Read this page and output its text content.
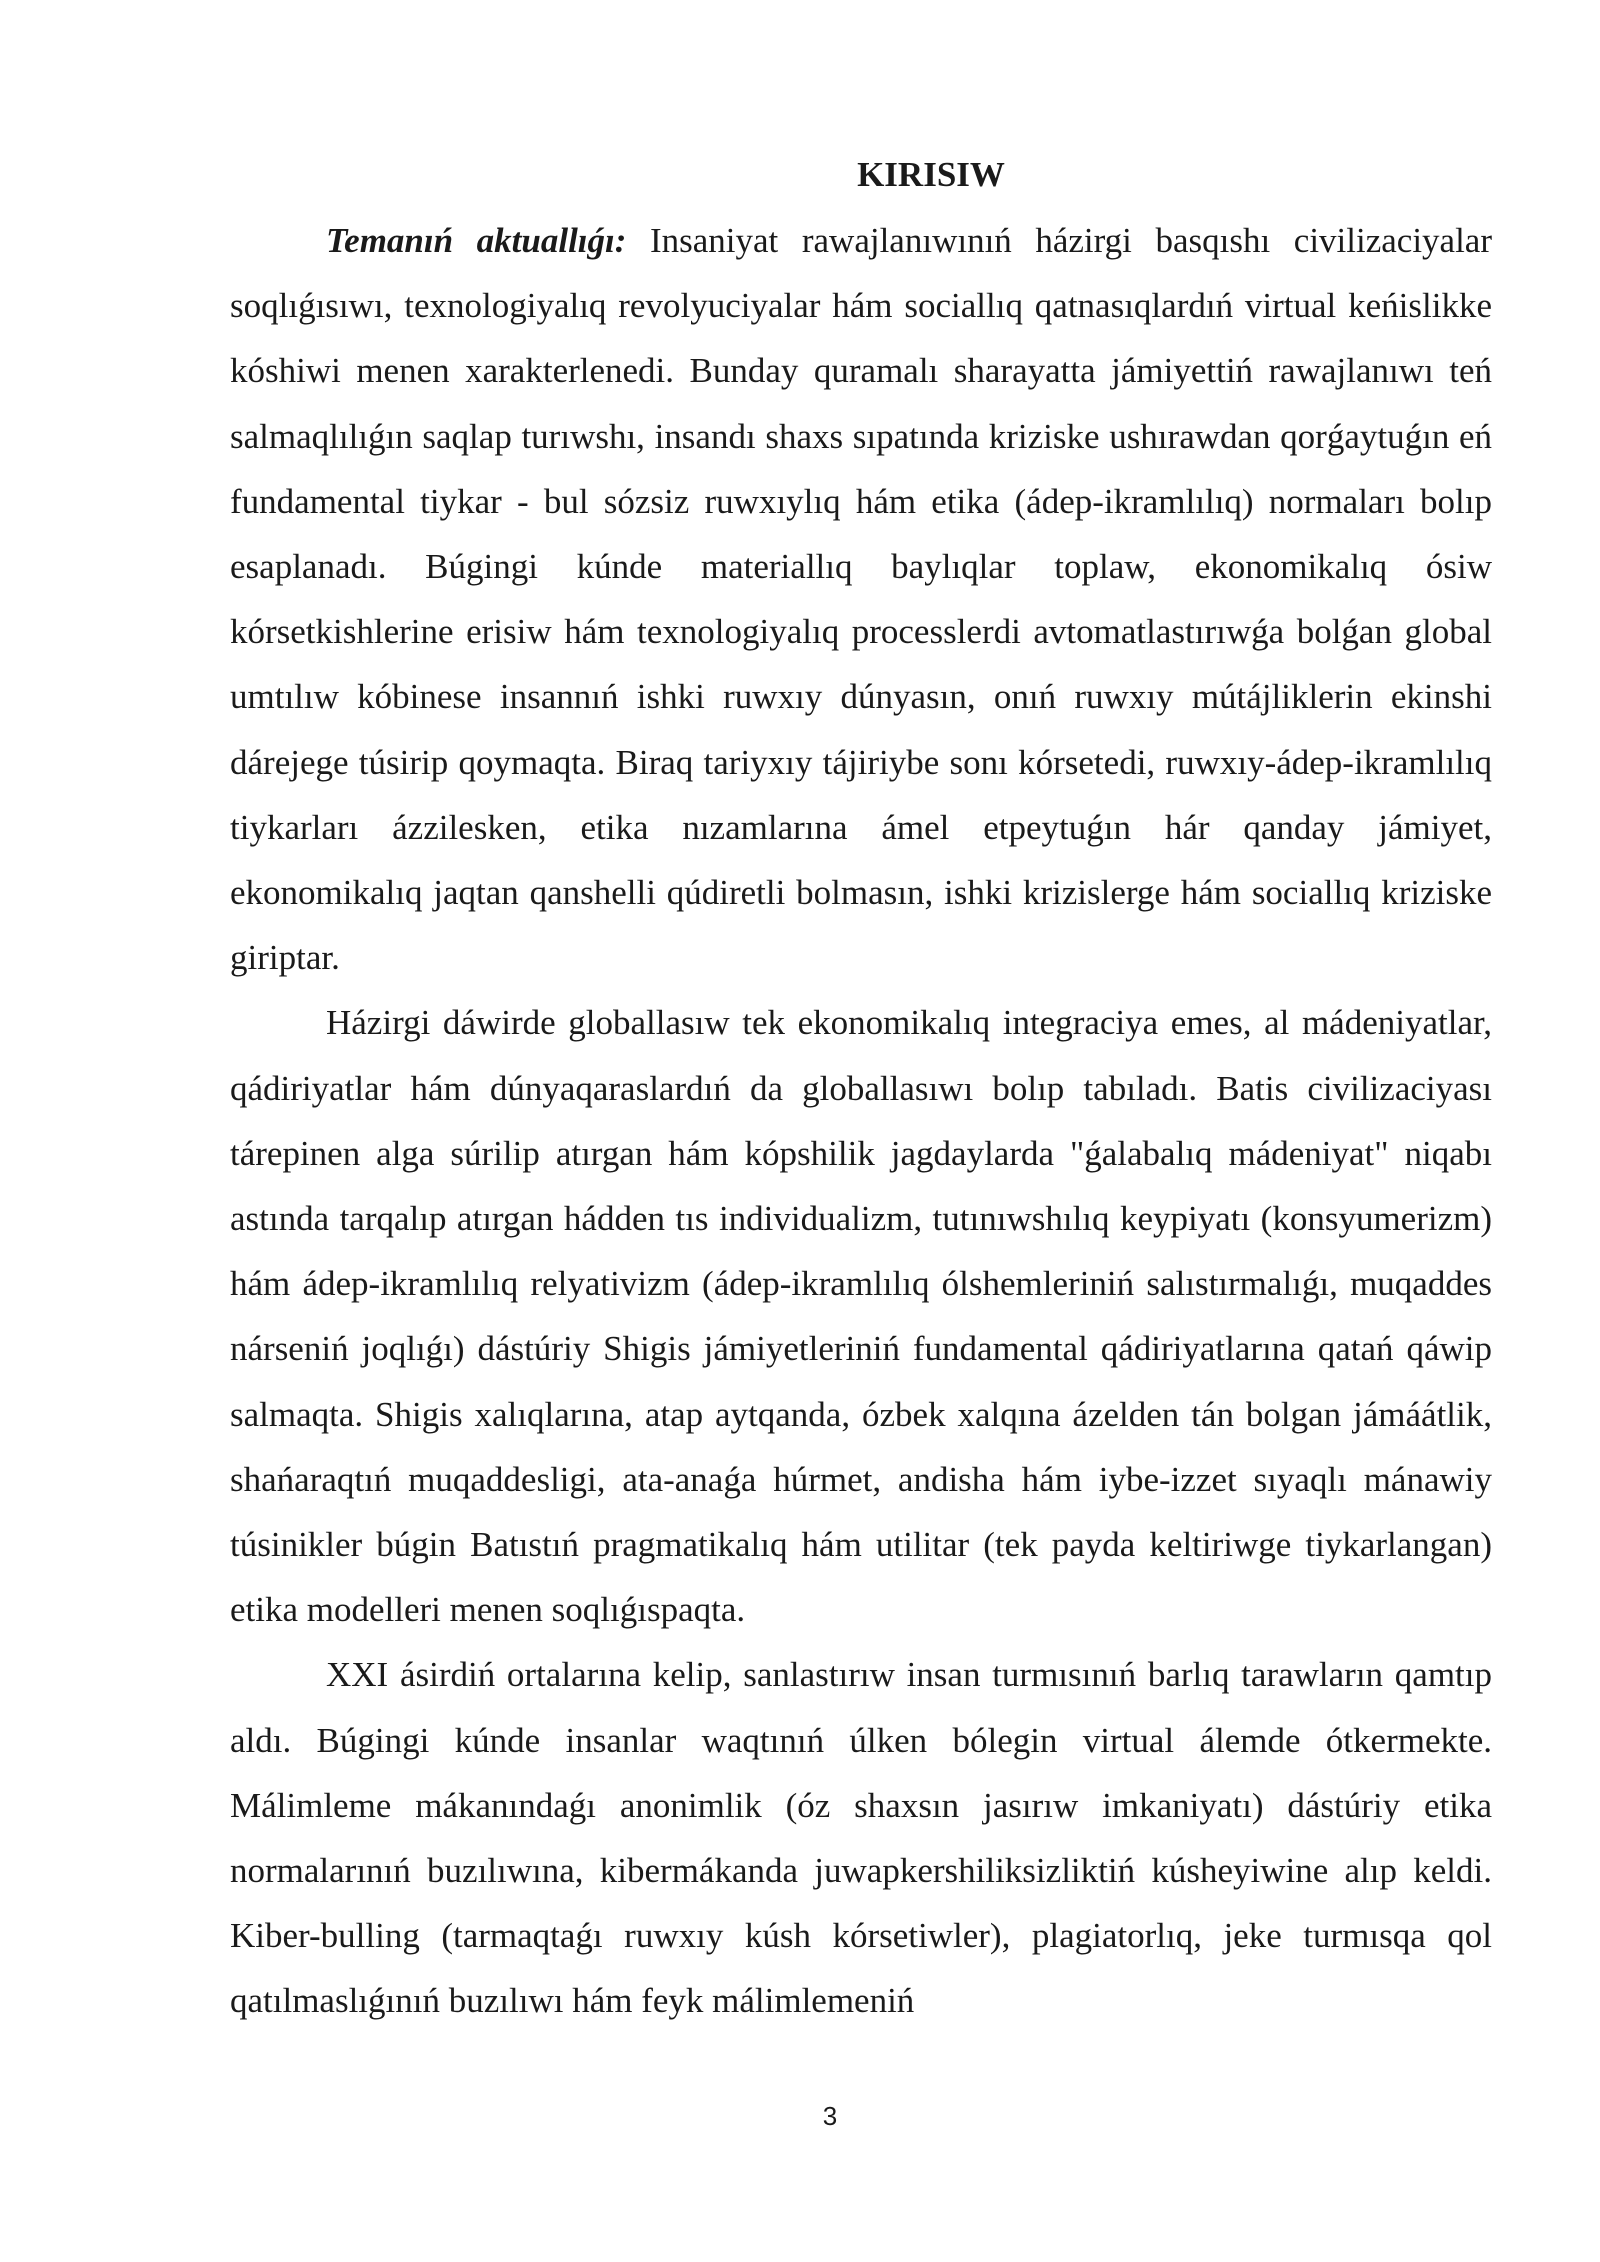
KIRISIW

Temanıń aktuallıǵı: Insaniyat rawajlanıwınıń házirgi basqıshı civilizaciyalar soqlıǵısıwı, texnologiyalıq revolyuciyalar hám sociallıq qatnasıqlardıń virtual keńislikke kóshiwi menen xarakterlenedi. Bunday quramalı sharayatta jámiyettiń rawajlanıwı teń salmaqlılıǵın saqlap turıwshı, insandı shaxs sıpatında kriziske ushırawdan qorǵaytuǵın eń fundamental tiykar - bul sózsiz ruwxıylıq hám etika (ádep-ikramlılıq) normaları bolıp esaplanadı. Búgingi kúnde materiallıq baylıqlar toplaw, ekonomikalıq ósiw kórsetkishlerine erisiw hám texnologiyalıq processlerdi avtomatlastırıwǵa bolǵan global umtılıw kóbinese insannıń ishki ruwxıy dúnyasın, onıń ruwxıy mútájliklerin ekinshi dárejege túsirip qoymaqta. Biraq tariyxıy tájiriybe sonı kórsetedi, ruwxıy-ádep-ikramlılıq tiykarları ázzilesken, etika nızamlarına ámel etpeytuǵın hár qanday jámiyet, ekonomikalıq jaqtan qanshelli qúdiretli bolmasın, ishki krizislerge hám sociallıq kriziske giriptar.

Házirgi dáwirde globallasıw tek ekonomikalıq integraciya emes, al mádeniyatlar, qádiriyatlar hám dúnyaqaraslardıń da globallasıwı bolıp tabıladı. Batis civilizaciyası tárepinen alga súrilip atırgan hám kópshilik jagdaylarda "ǵalabalıq mádeniyat" niqabı astında tarqalıp atırgan hádden tıs individualizm, tutınıwshılıq keypiyatı (konsyumerizm) hám ádep-ikramlılıq relyativizm (ádep-ikramlılıq ólshemleriniń salıstırmalıǵı, muqaddes nárseniń joqlıǵı) dástúriy Shigis jámiyetleriniń fundamental qádiriyatlarına qatań qáwip salmaqta. Shigis xalıqlarına, atap aytqanda, ózbek xalqına ázelden tán bolgan jámáátlik, shańaraqtıń muqaddesligi, ata-anaǵa húrmet, andisha hám iybe-izzet sıyaqlı mánawiy túsinikler búgin Batıstıń pragmatikalıq hám utilitar (tek payda keltiriwge tiykarlangan) etika modelleri menen soqlıǵıspaqta.

XXI ásirdiń ortalarına kelip, sanlastırıw insan turmısınıń barlıq tarawların qamtıp aldı. Búgingi kúnde insanlar waqtınıń úlken bólegin virtual álemde ótkermekte. Málimleme mákanındaǵı anonimlik (óz shaxsın jasırıw imkaniyatı) dástúriy etika normalarınıń buzılıwına, kibermákanda juwapkershiliksizliktiń kúsheyiwine alıp keldi. Kiber-bulling (tarmaqtaǵı ruwxıy kúsh kórsetiwler), plagiatorlıq, jeke turmısqa qol qatılmaslıǵınıń buzılıwı hám feyk málimlemeniń

3
